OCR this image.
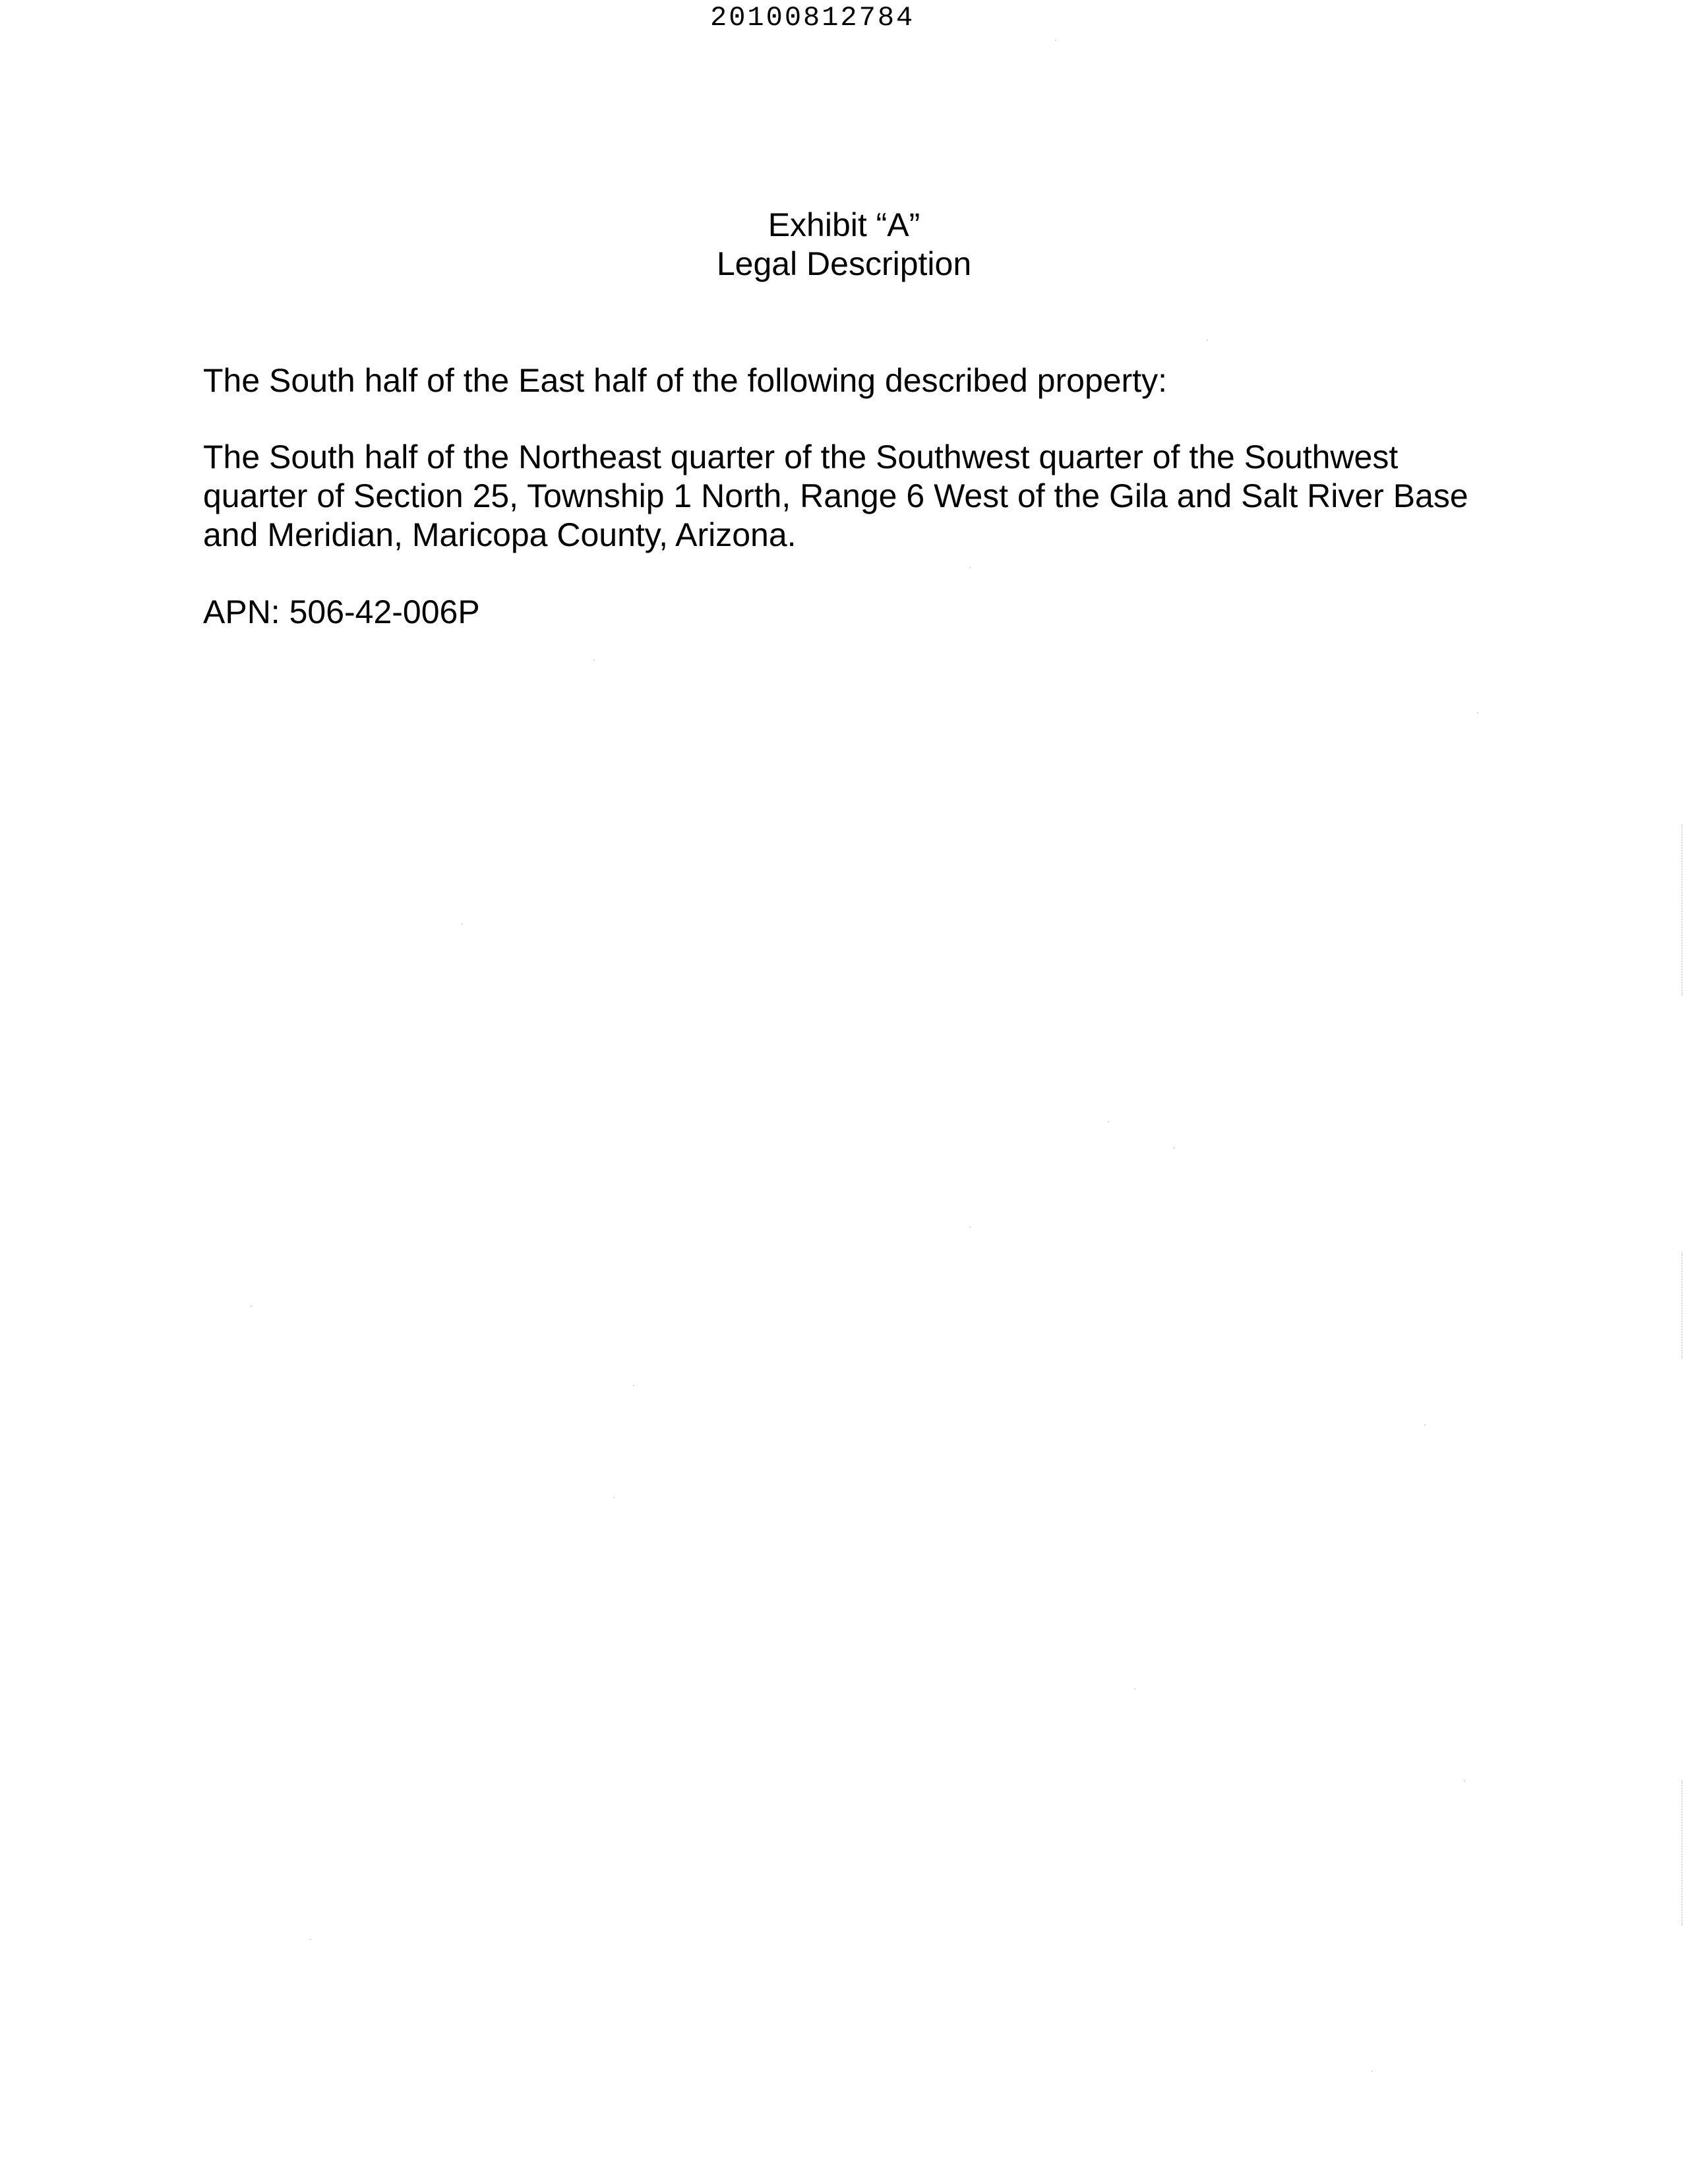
20100812784
Exhibit “A”
Legal Description

The South half of the East half of the following described property:

The South half of the Northeast quarter of the Southwest quarter of the Southwest
quarter of Section 25, Township 1 North, Range 6 West of the Gila and Salt River Base
and Meridian, Maricopa County, Arizona.

APN: 506-42-006P
